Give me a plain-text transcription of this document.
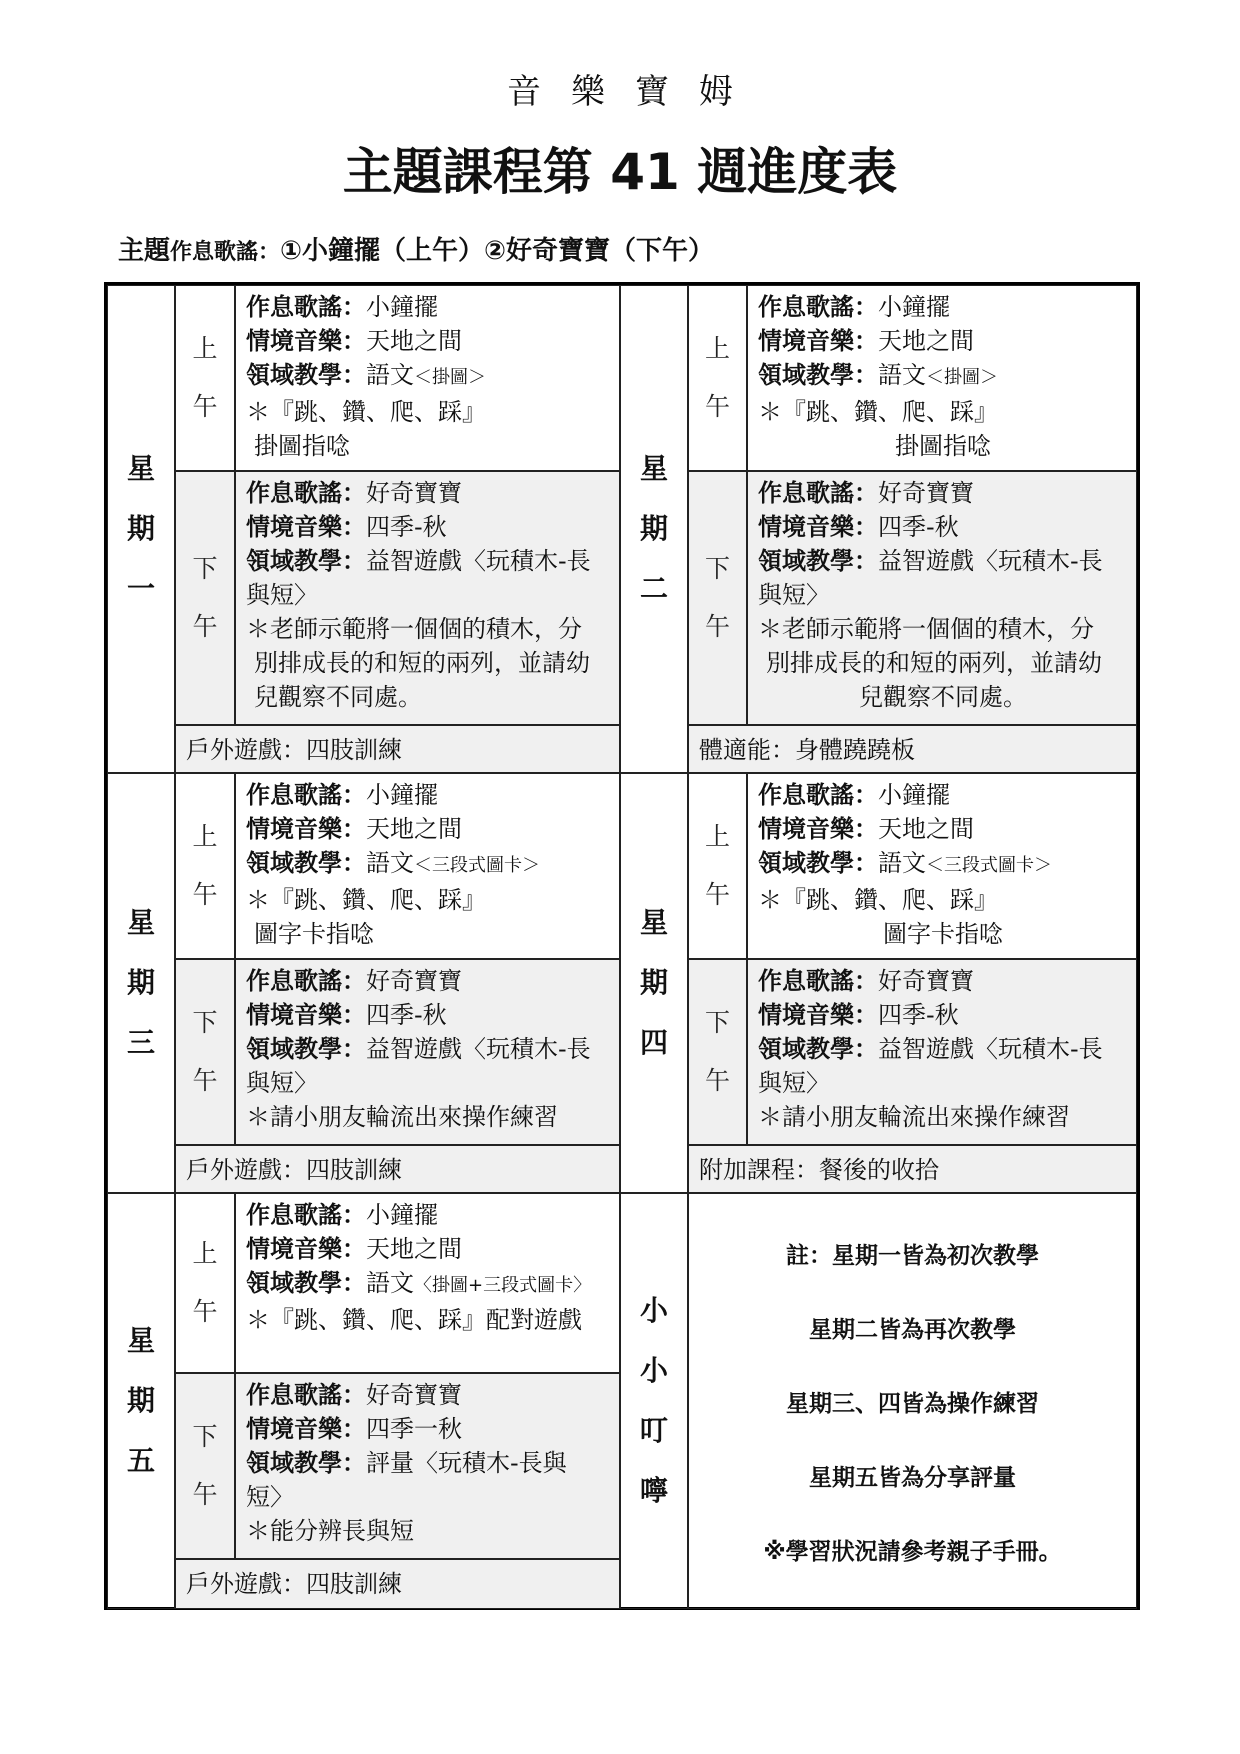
音樂寶姆
主題課程第 41 週進度表
主題作息歌謠：①小鐘擺（上午）②好奇寶寶（下午）
星
期
一
上
午
作息歌謠：小鐘擺
情境音樂：天地之間
領域教學：語文＜掛圖＞
＊『跳、鑽、爬、踩』
掛圖指唸
下
午
作息歌謠：好奇寶寶
情境音樂：四季-秋
領域教學：益智遊戲〈玩積木-長
與短〉
＊老師示範將一個個的積木，分
別排成長的和短的兩列，並請幼
兒觀察不同處。
戶外遊戲：四肢訓練
星
期
二
上
午
作息歌謠：小鐘擺
情境音樂：天地之間
領域教學：語文＜掛圖＞
＊『跳、鑽、爬、踩』
掛圖指唸
下
午
作息歌謠：好奇寶寶
情境音樂：四季-秋
領域教學：益智遊戲〈玩積木-長
與短〉
＊老師示範將一個個的積木，分
別排成長的和短的兩列，並請幼
兒觀察不同處。
體適能：身體蹺蹺板
星
期
三
上
午
作息歌謠：小鐘擺
情境音樂：天地之間
領域教學：語文＜三段式圖卡＞
＊『跳、鑽、爬、踩』
圖字卡指唸
下
午
作息歌謠：好奇寶寶
情境音樂：四季-秋
領域教學：益智遊戲〈玩積木-長
與短〉
＊請小朋友輪流出來操作練習
戶外遊戲：四肢訓練
星
期
四
上
午
作息歌謠：小鐘擺
情境音樂：天地之間
領域教學：語文＜三段式圖卡＞
＊『跳、鑽、爬、踩』
圖字卡指唸
下
午
作息歌謠：好奇寶寶
情境音樂：四季-秋
領域教學：益智遊戲〈玩積木-長
與短〉
＊請小朋友輪流出來操作練習
附加課程：餐後的收拾
星
期
五
上
午
作息歌謠：小鐘擺
情境音樂：天地之間
領域教學：語文〈掛圖+三段式圖卡〉
＊『跳、鑽、爬、踩』配對遊戲
下
午
作息歌謠：好奇寶寶
情境音樂：四季一秋
領域教學：評量〈玩積木-長與
短〉
＊能分辨長與短
戶外遊戲：四肢訓練
小
小
叮
嚀
註：星期一皆為初次教學
星期二皆為再次教學
星期三、四皆為操作練習
星期五皆為分享評量
※學習狀況請參考親子手冊。
